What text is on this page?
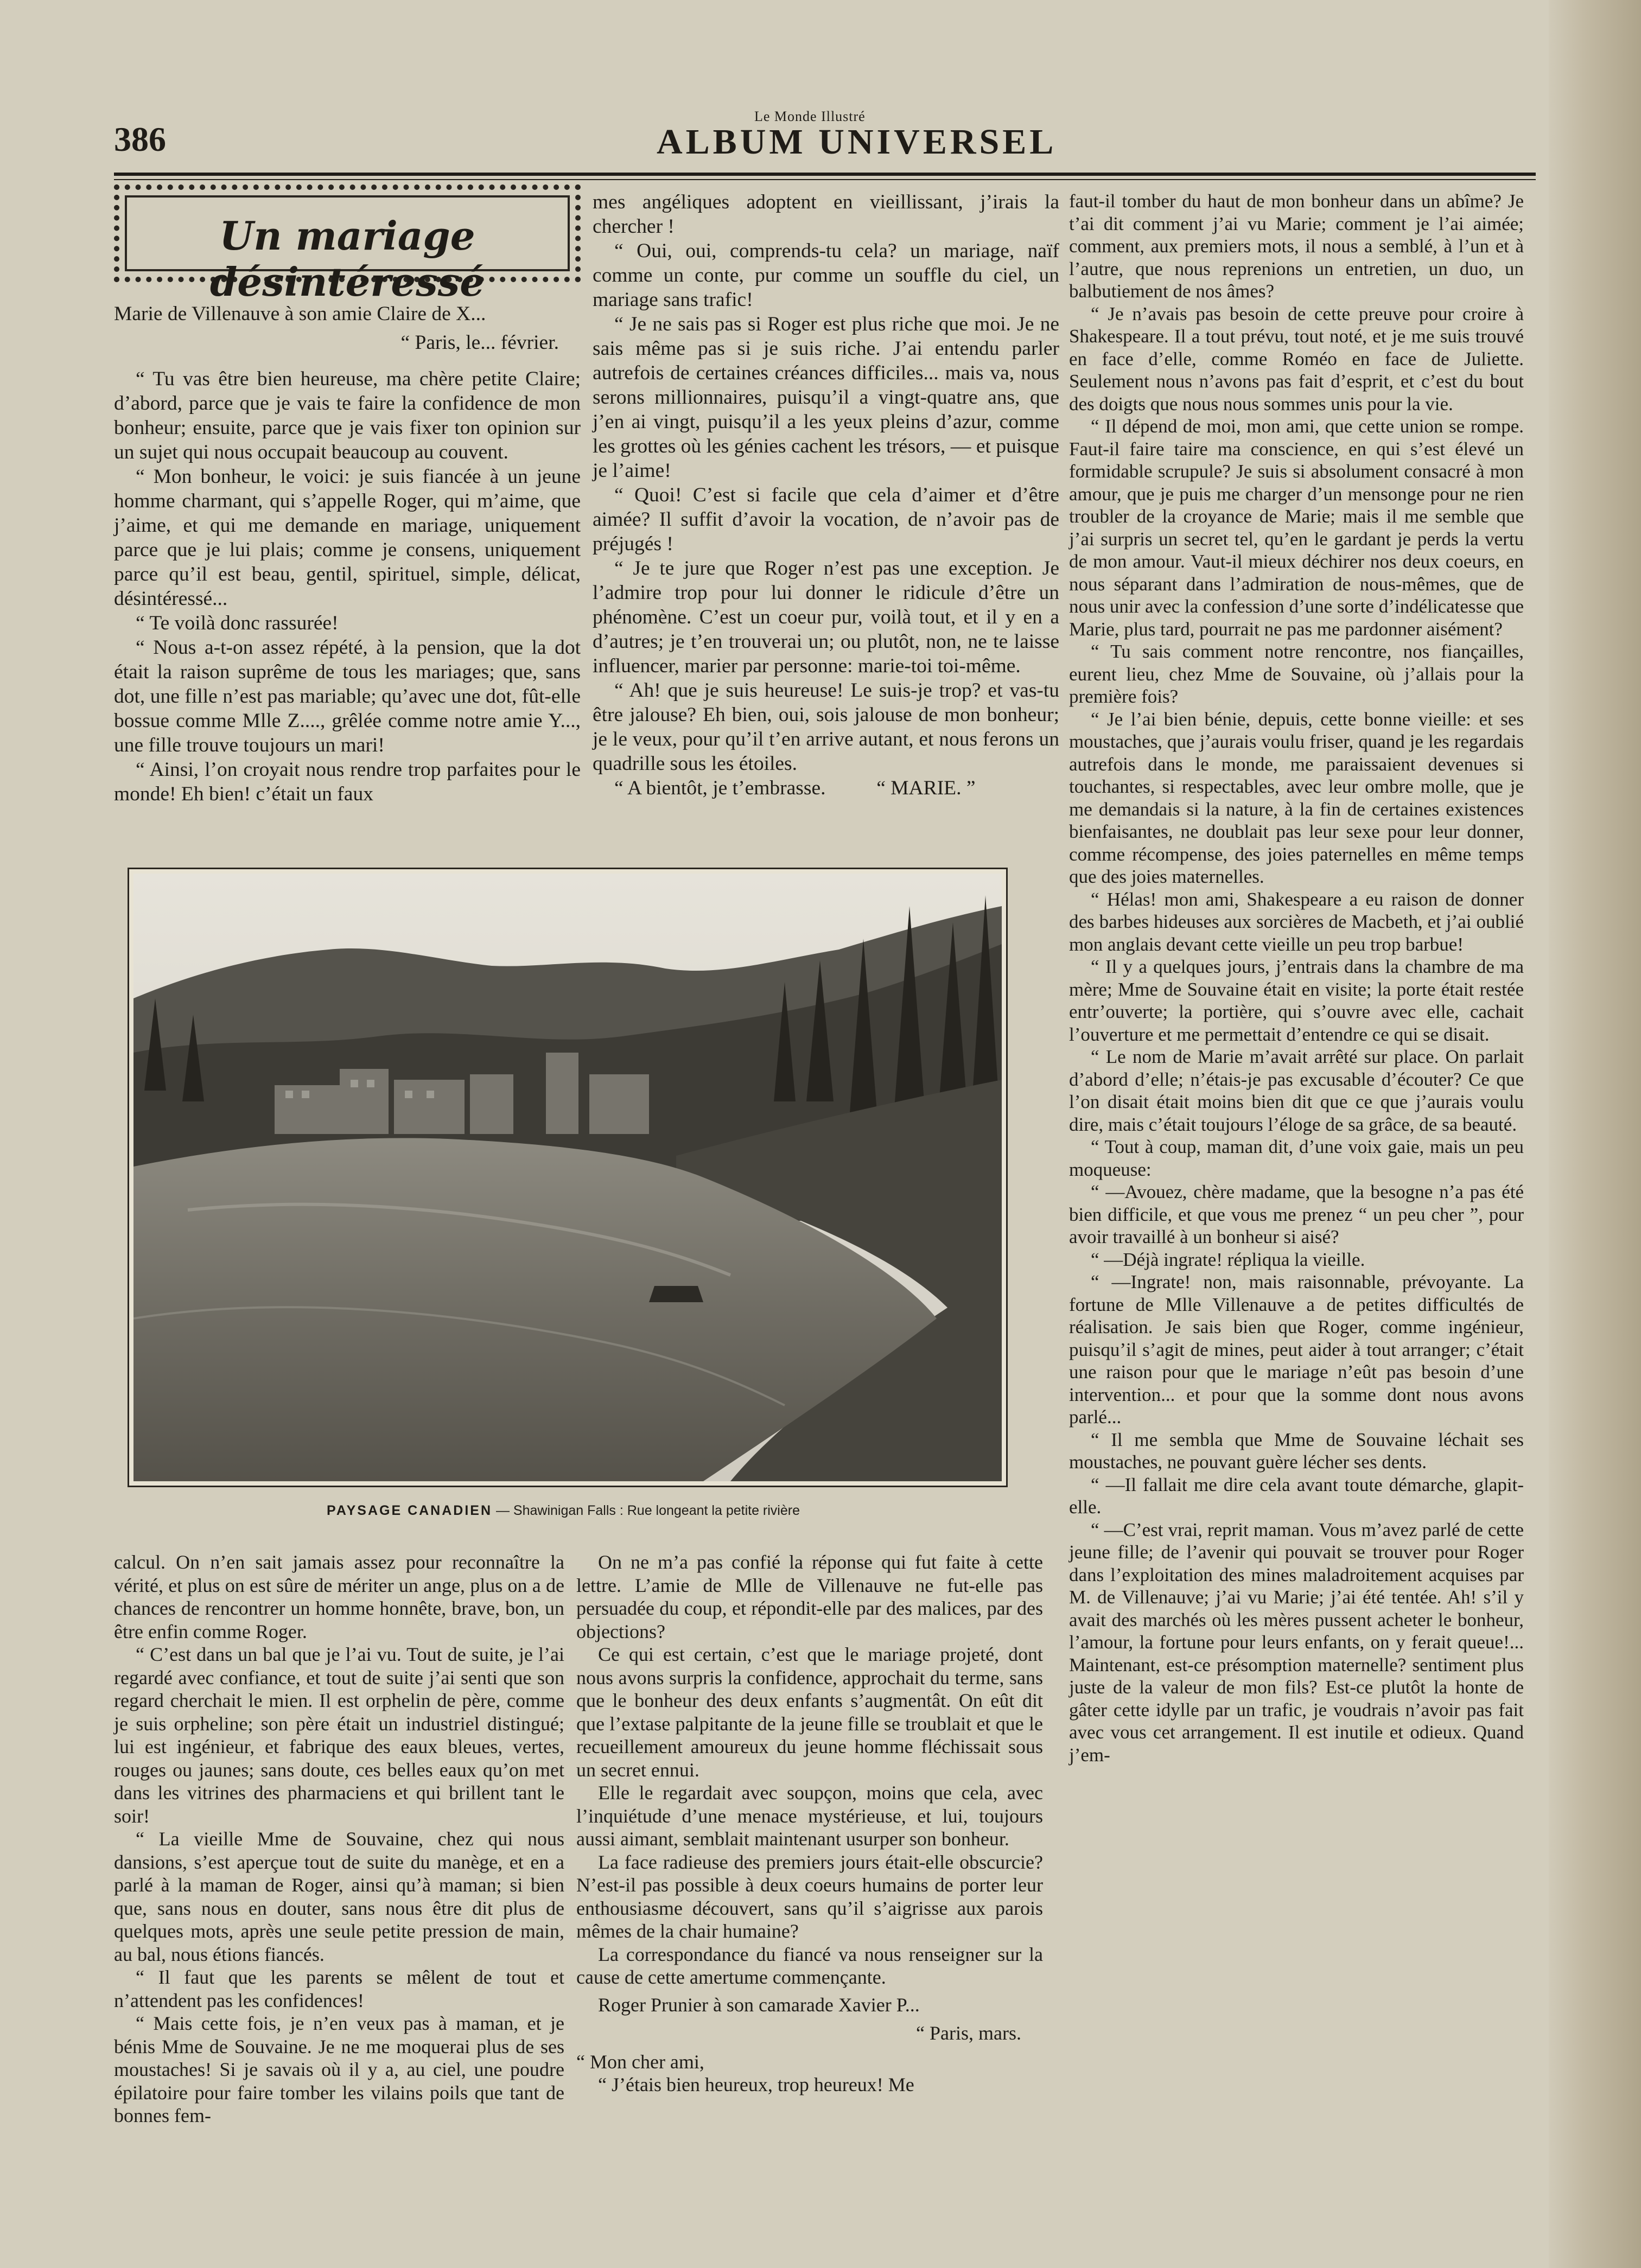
386
Le Monde Illustré
ALBUM UNIVERSEL
Un mariage désintéressé

Marie de Villenauve à son amie Claire de X...

“ Paris, le... février.

“ Tu vas être bien heureuse, ma chère petite Claire; d’abord, parce que je vais te faire la confidence de mon bonheur; ensuite, parce que je vais fixer ton opinion sur un sujet qui nous occupait beaucoup au couvent.

“ Mon bonheur, le voici: je suis fiancée à un jeune homme charmant, qui s’appelle Roger, qui m’aime, que j’aime, et qui me demande en mariage, uniquement parce que je lui plais; comme je consens, uniquement parce qu’il est beau, gentil, spirituel, simple, délicat, désintéressé...

“ Te voilà donc rassurée!

“ Nous a-t-on assez répété, à la pension, que la dot était la raison suprême de tous les mariages; que, sans dot, une fille n’est pas mariable; qu’avec une dot, fût-elle bossue comme Mlle Z...., grêlée comme notre amie Y..., une fille trouve toujours un mari!

“ Ainsi, l’on croyait nous rendre trop parfaites pour le monde! Eh bien! c’était un faux

mes angéliques adoptent en vieillissant, j’irais la chercher !

“ Oui, oui, comprends-tu cela? un mariage, naïf comme un conte, pur comme un souffle du ciel, un mariage sans trafic!

“ Je ne sais pas si Roger est plus riche que moi. Je ne sais même pas si je suis riche. J’ai entendu parler autrefois de certaines créances difficiles... mais va, nous serons millionnaires, puisqu’il a vingt-quatre ans, que j’en ai vingt, puisqu’il a les yeux pleins d’azur, comme les grottes où les génies cachent les trésors, — et puisque je l’aime!

“ Quoi! C’est si facile que cela d’aimer et d’être aimée? Il suffit d’avoir la vocation, de n’avoir pas de préjugés !

“ Je te jure que Roger n’est pas une exception. Je l’admire trop pour lui donner le ridicule d’être un phénomène. C’est un coeur pur, voilà tout, et il y en a d’autres; je t’en trouverai un; ou plutôt, non, ne te laisse influencer, marier par personne: marie-toi toi-même.

“ Ah! que je suis heureuse! Le suis-je trop? et vas-tu être jalouse? Eh bien, oui, sois jalouse de mon bonheur; je le veux, pour qu’il t’en arrive autant, et nous ferons un quadrille sous les étoiles.

“ A bientôt, je t’embrasse.          “ MARIE. ”

faut-il tomber du haut de mon bonheur dans un abîme? Je t’ai dit comment j’ai vu Marie; comment je l’ai aimée; comment, aux premiers mots, il nous a semblé, à l’un et à l’autre, que nous reprenions un entretien, un duo, un balbutiement de nos âmes?

“ Je n’avais pas besoin de cette preuve pour croire à Shakespeare. Il a tout prévu, tout noté, et je me suis trouvé en face d’elle, comme Roméo en face de Juliette. Seulement nous n’avons pas fait d’esprit, et c’est du bout des doigts que nous nous sommes unis pour la vie.

“ Il dépend de moi, mon ami, que cette union se rompe. Faut-il faire taire ma conscience, en qui s’est élevé un formidable scrupule? Je suis si absolument consacré à mon amour, que je puis me charger d’un mensonge pour ne rien troubler de la croyance de Marie; mais il me semble que j’ai surpris un secret tel, qu’en le gardant je perds la vertu de mon amour. Vaut-il mieux déchirer nos deux coeurs, en nous séparant dans l’admiration de nous-mêmes, que de nous unir avec la confession d’une sorte d’indélicatesse que Marie, plus tard, pourrait ne pas me pardonner aisément?

“ Tu sais comment notre rencontre, nos fiançailles, eurent lieu, chez Mme de Souvaine, où j’allais pour la première fois?

“ Je l’ai bien bénie, depuis, cette bonne vieille: et ses moustaches, que j’aurais voulu friser, quand je les regardais autrefois dans le monde, me paraissaient devenues si touchantes, si respectables, avec leur ombre molle, que je me demandais si la nature, à la fin de certaines existences bienfaisantes, ne doublait pas leur sexe pour leur donner, comme récompense, des joies paternelles en même temps que des joies maternelles.

“ Hélas! mon ami, Shakespeare a eu raison de donner des barbes hideuses aux sorcières de Macbeth, et j’ai oublié mon anglais devant cette vieille un peu trop barbue!

“ Il y a quelques jours, j’entrais dans la chambre de ma mère; Mme de Souvaine était en visite; la porte était restée entr’ouverte; la portière, qui s’ouvre avec elle, cachait l’ouverture et me permettait d’entendre ce qui se disait.

“ Le nom de Marie m’avait arrêté sur place. On parlait d’abord d’elle; n’étais-je pas excusable d’écouter? Ce que l’on disait était moins bien dit que ce que j’aurais voulu dire, mais c’était toujours l’éloge de sa grâce, de sa beauté.

“ Tout à coup, maman dit, d’une voix gaie, mais un peu moqueuse:

“ —Avouez, chère madame, que la besogne n’a pas été bien difficile, et que vous me prenez “ un peu cher ”, pour avoir travaillé à un bonheur si aisé?

“ —Déjà ingrate! répliqua la vieille.

“ —Ingrate! non, mais raisonnable, prévoyante. La fortune de Mlle Villenauve a de petites difficultés de réalisation. Je sais bien que Roger, comme ingénieur, puisqu’il s’agit de mines, peut aider à tout arranger; c’était une raison pour que le mariage n’eût pas besoin d’une intervention... et pour que la somme dont nous avons parlé...

“ Il me sembla que Mme de Souvaine léchait ses moustaches, ne pouvant guère lécher ses dents.

“ —Il fallait me dire cela avant toute démarche, glapit-elle.

“ —C’est vrai, reprit maman. Vous m’avez parlé de cette jeune fille; de l’avenir qui pouvait se trouver pour Roger dans l’exploitation des mines maladroitement acquises par M. de Villenauve; j’ai vu Marie; j’ai été tentée. Ah! s’il y avait des marchés où les mères pussent acheter le bonheur, l’amour, la fortune pour leurs enfants, on y ferait queue!... Maintenant, est-ce présomption maternelle? sentiment plus juste de la valeur de mon fils? Est-ce plutôt la honte de gâter cette idylle par un trafic, je voudrais n’avoir pas fait avec vous cet arrangement. Il est inutile et odieux. Quand j’em-

PAYSAGE CANADIEN — Shawinigan Falls : Rue longeant la petite rivière

calcul. On n’en sait jamais assez pour reconnaître la vérité, et plus on est sûre de mériter un ange, plus on a de chances de rencontrer un homme honnête, brave, bon, un être enfin comme Roger.

“ C’est dans un bal que je l’ai vu. Tout de suite, je l’ai regardé avec confiance, et tout de suite j’ai senti que son regard cherchait le mien. Il est orphelin de père, comme je suis orpheline; son père était un industriel distingué; lui est ingénieur, et fabrique des eaux bleues, vertes, rouges ou jaunes; sans doute, ces belles eaux qu’on met dans les vitrines des pharmaciens et qui brillent tant le soir!

“ La vieille Mme de Souvaine, chez qui nous dansions, s’est aperçue tout de suite du manège, et en a parlé à la maman de Roger, ainsi qu’à maman; si bien que, sans nous en douter, sans nous être dit plus de quelques mots, après une seule petite pression de main, au bal, nous étions fiancés.

“ Il faut que les parents se mêlent de tout et n’attendent pas les confidences!

“ Mais cette fois, je n’en veux pas à maman, et je bénis Mme de Souvaine. Je ne me moquerai plus de ses moustaches! Si je savais où il y a, au ciel, une poudre épilatoire pour faire tomber les vilains poils que tant de bonnes fem-

On ne m’a pas confié la réponse qui fut faite à cette lettre. L’amie de Mlle de Villenauve ne fut-elle pas persuadée du coup, et répondit-elle par des malices, par des objections?

Ce qui est certain, c’est que le mariage projeté, dont nous avons surpris la confidence, approchait du terme, sans que le bonheur des deux enfants s’augmentât. On eût dit que l’extase palpitante de la jeune fille se troublait et que le recueillement amoureux du jeune homme fléchissait sous un secret ennui.

Elle le regardait avec soupçon, moins que cela, avec l’inquiétude d’une menace mystérieuse, et lui, toujours aussi aimant, semblait maintenant usurper son bonheur.

La face radieuse des premiers jours était-elle obscurcie? N’est-il pas possible à deux coeurs humains de porter leur enthousiasme découvert, sans qu’il s’aigrisse aux parois mêmes de la chair humaine?

La correspondance du fiancé va nous renseigner sur la cause de cette amertume commençante.

Roger Prunier à son camarade Xavier P...

“ Paris, mars.

“ Mon cher ami,

“ J’étais bien heureux, trop heureux! Me
